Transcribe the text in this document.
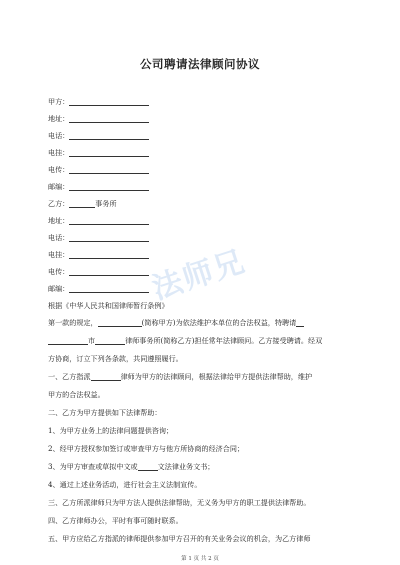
公司聘请法律顾问协议
甲方：
地址：
电话：
电挂：
电传：
邮编：
乙方：	事务所
地址：
电话：
电挂：
电传：
邮编：
根据《中华人民共和国律师暂行条例》
第一款的规定，	(简称甲方)为依法维护本单位的合法权益，特聘请
市	律师事务所(简称乙方)担任常年法律顾问。乙方接受聘请。经双
方协商，订立下列各条款，共同遵照履行。
一、乙方指派	律师为甲方的法律顾问，根据法律给甲方提供法律帮助，维护
甲方的合法权益。
二、乙方为甲方提供如下法律帮助：
1、为甲方业务上的法律问题提供咨询；
2、经甲方授权参加签订或审查甲方与他方所协商的经济合同；
3、为甲方审查或草拟中文或	文法律业务文书；
4、通过上述业务活动，进行社会主义法制宣传。
三、乙方所派律师只为甲方法人提供法律帮助，无义务为甲方的职工提供法律帮助。
四、乙方律师办公，平时有事可随时联系。
五、甲方应给乙方指派的律师提供参加甲方召开的有关业务会议的机会，为乙方律师
法师兄
第 1 页 共 2 页
